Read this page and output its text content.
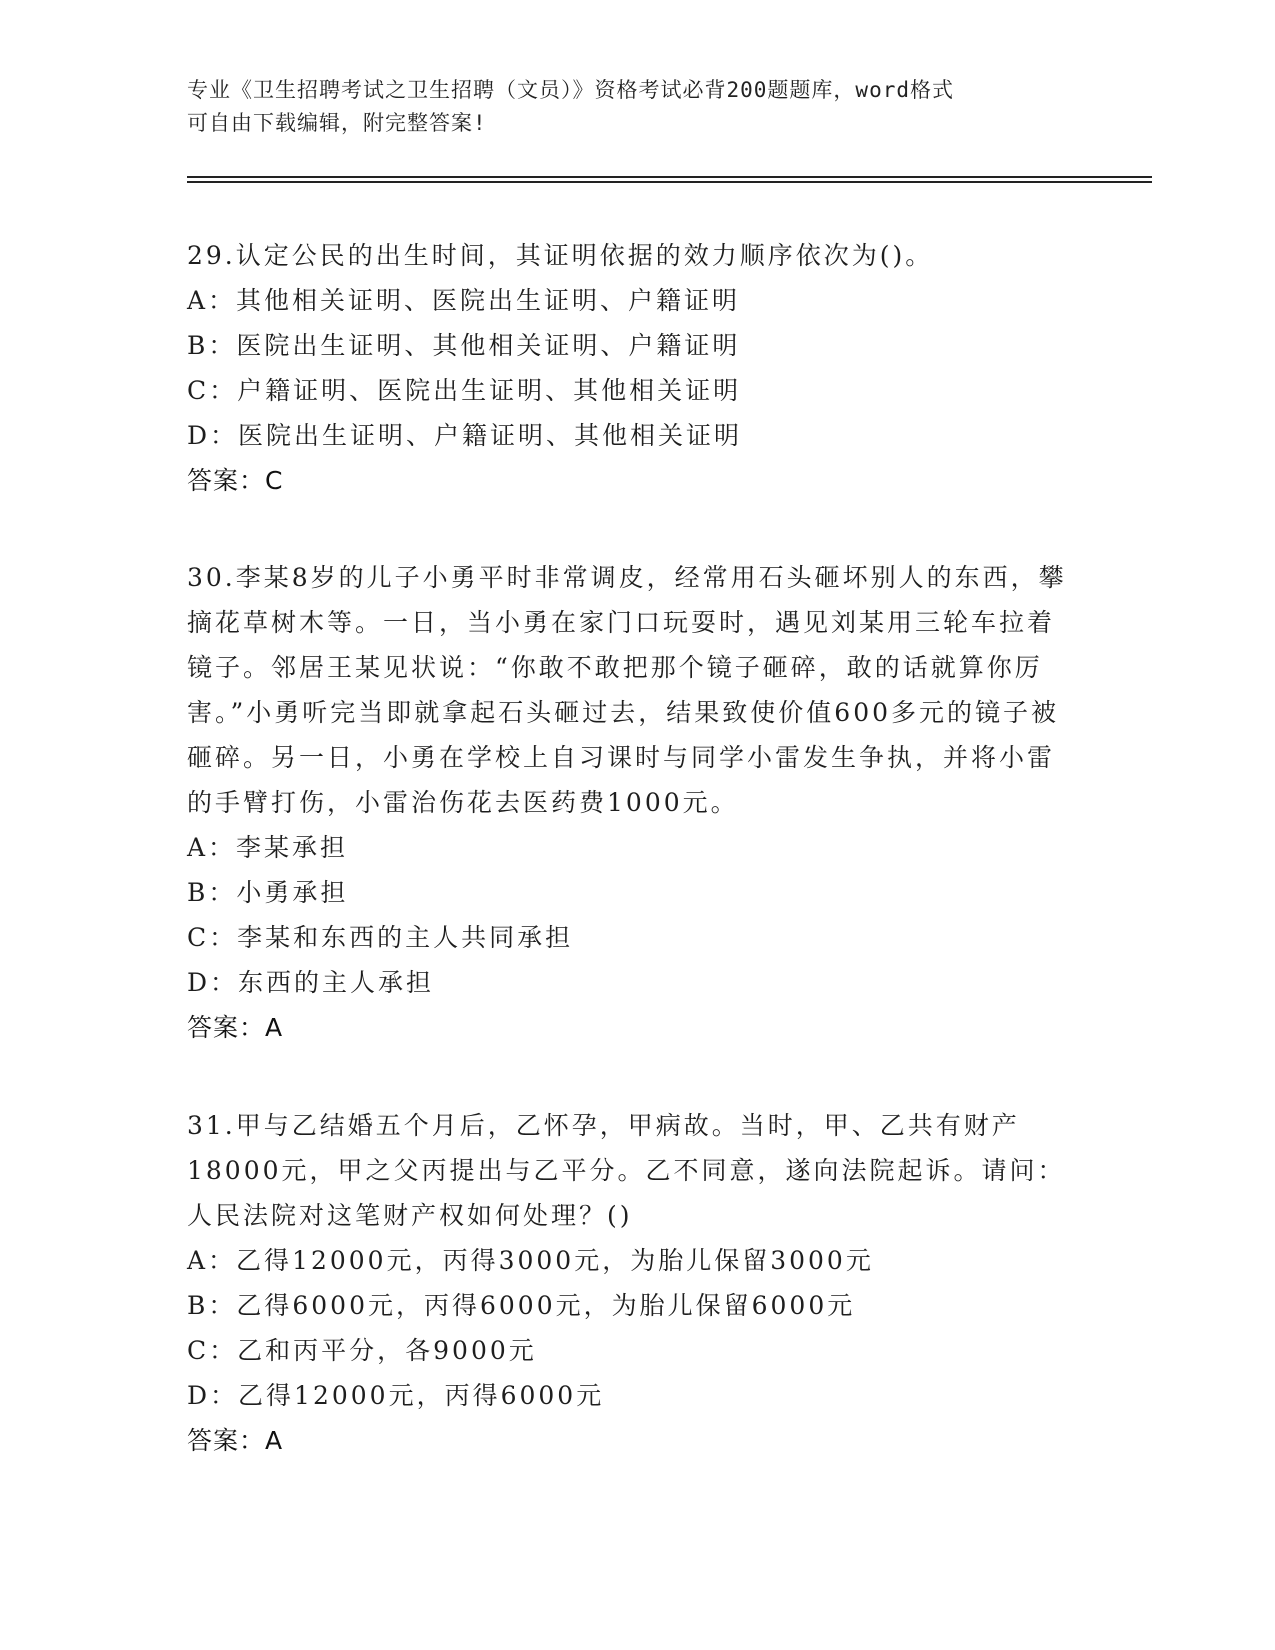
专业《卫生招聘考试之卫生招聘（文员）》资格考试必背200题题库，word格式
可自由下载编辑，附完整答案!
29.认定公民的出生时间，其证明依据的效力顺序依次为()。
A：其他相关证明、医院出生证明、户籍证明
B：医院出生证明、其他相关证明、户籍证明
C：户籍证明、医院出生证明、其他相关证明
D：医院出生证明、户籍证明、其他相关证明
答案：C
30.李某8岁的儿子小勇平时非常调皮，经常用石头砸坏别人的东西，攀摘花草树木等。一日，当小勇在家门口玩耍时，遇见刘某用三轮车拉着镜子。邻居王某见状说：“你敢不敢把那个镜子砸碎，敢的话就算你厉害。”小勇听完当即就拿起石头砸过去，结果致使价值600多元的镜子被砸碎。另一日，小勇在学校上自习课时与同学小雷发生争执，并将小雷的手臂打伤，小雷治伤花去医药费1000元。
A：李某承担
B：小勇承担
C：李某和东西的主人共同承担
D：东西的主人承担
答案：A
31.甲与乙结婚五个月后，乙怀孕，甲病故。当时，甲、乙共有财产18000元，甲之父丙提出与乙平分。乙不同意，遂向法院起诉。请问：人民法院对这笔财产权如何处理？()
A：乙得12000元，丙得3000元，为胎儿保留3000元
B：乙得6000元，丙得6000元，为胎儿保留6000元
C：乙和丙平分，各9000元
D：乙得12000元，丙得6000元
答案：A
